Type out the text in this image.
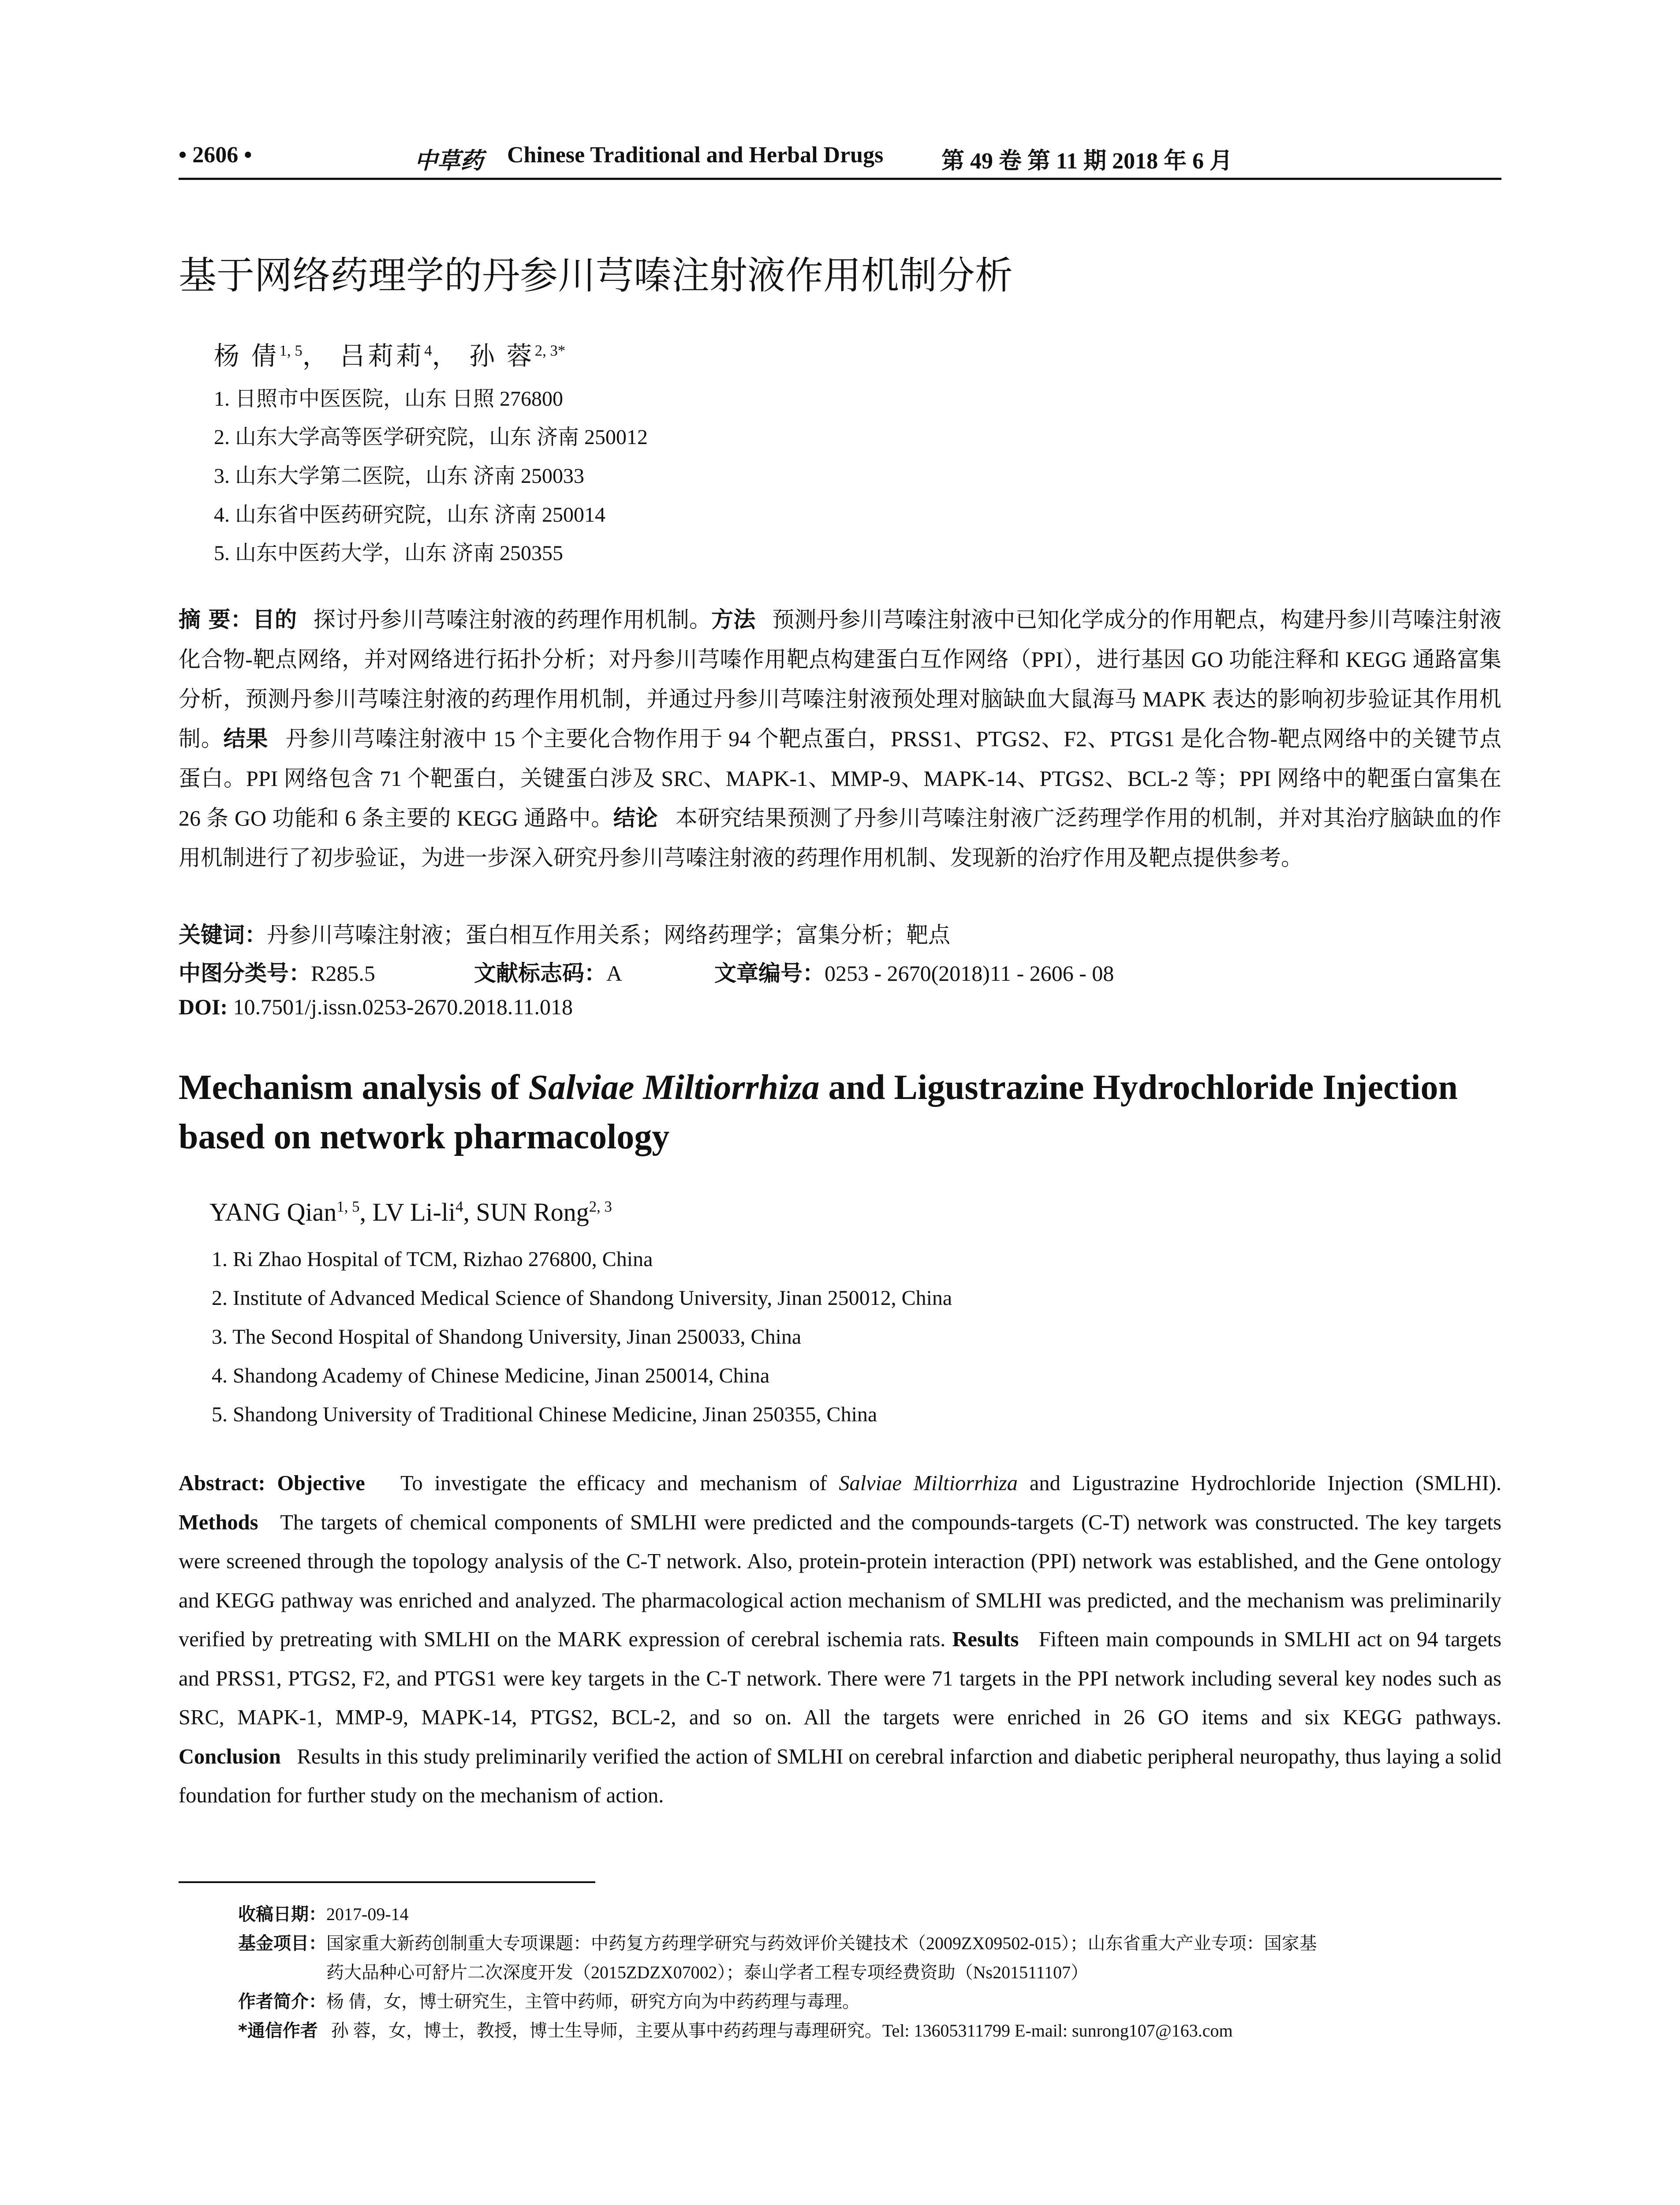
• 2606 •	中草药 Chinese Traditional and Herbal Drugs	第 49 卷 第 11 期 2018 年 6 月
基于网络药理学的丹参川芎嗪注射液作用机制分析
杨 倩$^{1, 5}$， 吕莉莉$^4$， 孙 蓉$^{2, 3*}$
1. 日照市中医医院，山东 日照 276800
2. 山东大学高等医学研究院，山东 济南 250012
3. 山东大学第二医院，山东 济南 250033
4. 山东省中医药研究院，山东 济南 250014
5. 山东中医药大学，山东 济南 250355
摘 要：目的 探讨丹参川芎嗪注射液的药理作用机制。方法 预测丹参川芎嗪注射液中已知化学成分的作用靶点，构建丹参川芎嗪注射液化合物-靶点网络，并对网络进行拓扑分析；对丹参川芎嗪作用靶点构建蛋白互作网络（PPI），进行基因 GO 功能注释和 KEGG 通路富集分析，预测丹参川芎嗪注射液的药理作用机制，并通过丹参川芎嗪注射液预处理对脑缺血大鼠海马 MAPK 表达的影响初步验证其作用机制。结果 丹参川芎嗪注射液中 15 个主要化合物作用于 94 个靶点蛋白，PRSS1、PTGS2、F2、PTGS1 是化合物-靶点网络中的关键节点蛋白。PPI 网络包含 71 个靶蛋白，关键蛋白涉及 SRC、MAPK-1、MMP-9、MAPK-14、PTGS2、BCL-2 等；PPI 网络中的靶蛋白富集在 26 条 GO 功能和 6 条主要的 KEGG 通路中。结论 本研究结果预测了丹参川芎嗪注射液广泛药理学作用的机制，并对其治疗脑缺血的作用机制进行了初步验证，为进一步深入研究丹参川芎嗪注射液的药理作用机制、发现新的治疗作用及靶点提供参考。
关键词：丹参川芎嗪注射液；蛋白相互作用关系；网络药理学；富集分析；靶点
中图分类号：R285.5	文献标志码：A	文章编号：0253 - 2670(2018)11 - 2606 - 08
DOI: 10.7501/j.issn.0253-2670.2018.11.018
Mechanism analysis of Salviae Miltiorrhiza and Ligustrazine Hydrochloride Injection based on network pharmacology
YANG Qian$^{1, 5}$, LV $Li-li^4$, SUN Rong$^{2, 3}$
1. Ri Zhao Hospital of TCM, Rizhao 276800, China
2. Institute of Advanced Medical Science of Shandong University, Jinan 250012, China
3. The Second Hospital of Shandong University, Jinan 250033, China
4. Shandong Academy of Chinese Medicine, Jinan 250014, China
5. Shandong University of Traditional Chinese Medicine, Jinan 250355, China
Abstract: Objective To investigate the efficacy and mechanism of Salviae Miltiorrhiza and Ligustrazine Hydrochloride Injection (SMLHI). Methods The targets of chemical components of SMLHI were predicted and the compounds-targets (C-T) network was constructed. The key targets were screened through the topology analysis of the C-T network. Also, protein-protein interaction (PPI) network was established, and the Gene ontology and KEGG pathway was enriched and analyzed. The pharmacological action mechanism of SMLHI was predicted, and the mechanism was preliminarily verified by pretreating with SMLHI on the MARK expression of cerebral ischemia rats. Results Fifteen main compounds in SMLHI act on 94 targets and PRSS1, PTGS2, F2, and PTGS1 were key targets in the C-T network. There were 71 targets in the PPI network including several key nodes such as SRC, MAPK-1, MMP-9, MAPK-14, PTGS2, BCL-2, and so on. All the targets were enriched in 26 GO items and six KEGG pathways. Conclusion Results in this study preliminarily verified the action of SMLHI on cerebral infarction and diabetic peripheral neuropathy, thus laying a solid foundation for further study on the mechanism of action.
收稿日期：2017-09-14
基金项目：国家重大新药创制重大专项课题：中药复方药理学研究与药效评价关键技术（2009ZX09502-015）；山东省重大产业专项：国家基
药大品种心可舒片二次深度开发（2015ZDZX07002）；泰山学者工程专项经费资助（Ns201511107）
作者简介：杨 倩，女，博士研究生，主管中药师，研究方向为中药药理与毒理。
*通信作者 孙 蓉，女，博士，教授，博士生导师，主要从事中药药理与毒理研究。Tel: 13605311799 E-mail: sunrong107@163.com
